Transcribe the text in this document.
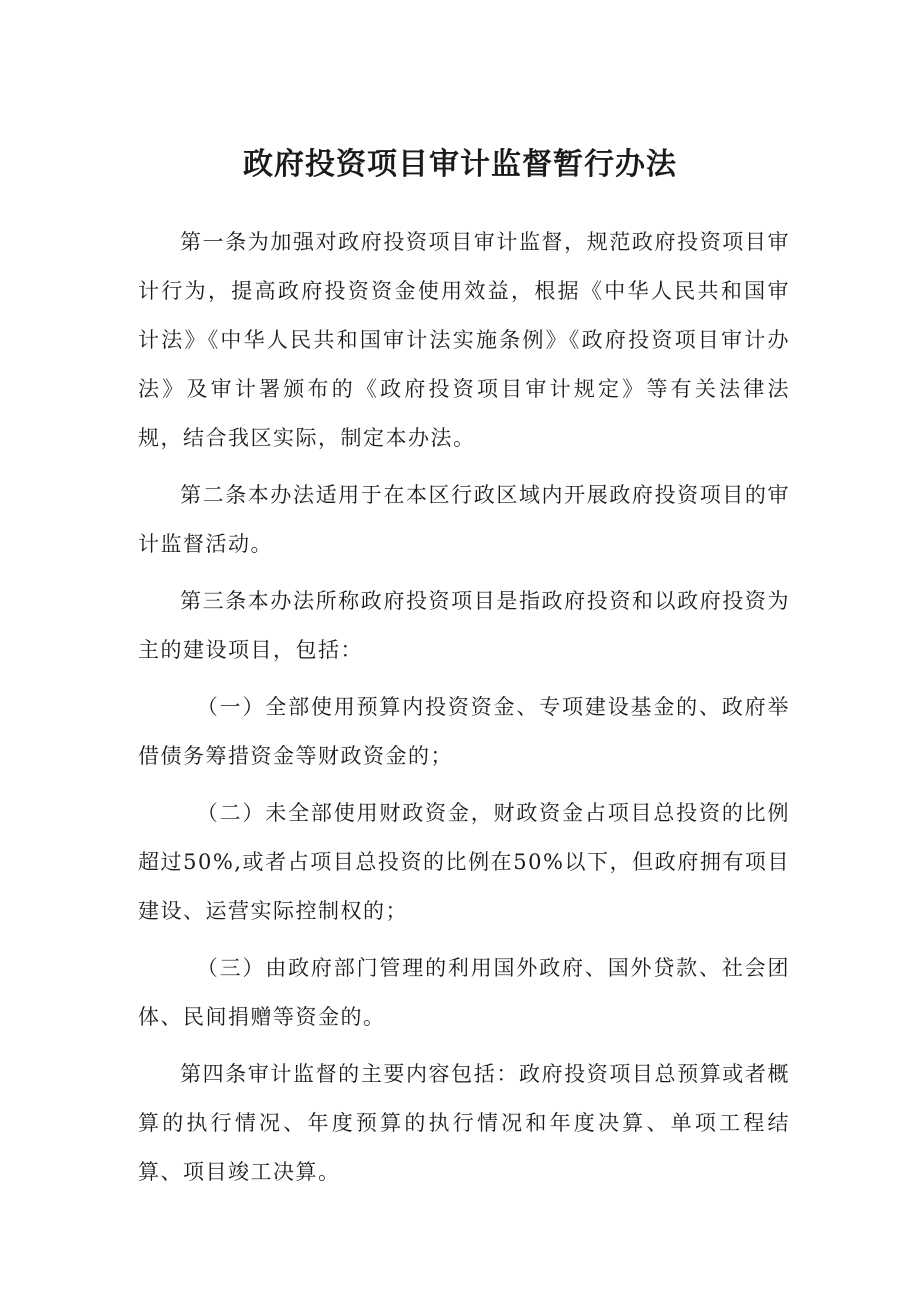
政府投资项目审计监督暂行办法

第一条为加强对政府投资项目审计监督，规范政府投资项目审计行为，提高政府投资资金使用效益，根据《中华人民共和国审计法》《中华人民共和国审计法实施条例》《政府投资项目审计办法》及审计署颁布的《政府投资项目审计规定》等有关法律法规，结合我区实际，制定本办法。

第二条本办法适用于在本区行政区域内开展政府投资项目的审计监督活动。

第三条本办法所称政府投资项目是指政府投资和以政府投资为主的建设项目，包括：

（一）全部使用预算内投资资金、专项建设基金的、政府举借债务筹措资金等财政资金的；

（二）未全部使用财政资金，财政资金占项目总投资的比例超过50%,或者占项目总投资的比例在50%以下，但政府拥有项目建设、运营实际控制权的；

（三）由政府部门管理的利用国外政府、国外贷款、社会团体、民间捐赠等资金的。

第四条审计监督的主要内容包括：政府投资项目总预算或者概算的执行情况、年度预算的执行情况和年度决算、单项工程结算、项目竣工决算。
